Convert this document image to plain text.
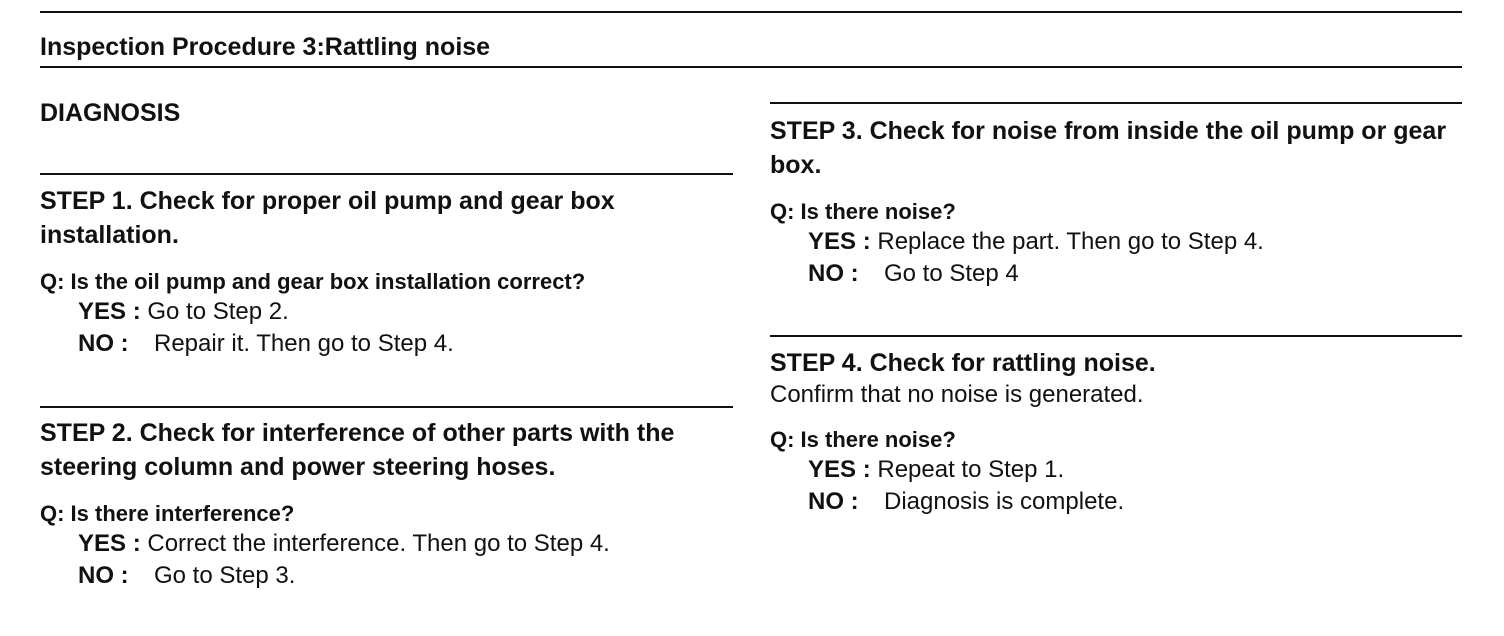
Inspection Procedure 3:Rattling noise
DIAGNOSIS
STEP 1. Check for proper oil pump and gear box installation.
Q: Is the oil pump and gear box installation correct?
YES : Go to Step 2.
NO : Repair it. Then go to Step 4.
STEP 2. Check for interference of other parts with the steering column and power steering hoses.
Q: Is there interference?
YES : Correct the interference. Then go to Step 4.
NO : Go to Step 3.
STEP 3. Check for noise from inside the oil pump or gear box.
Q: Is there noise?
YES : Replace the part. Then go to Step 4.
NO : Go to Step 4
STEP 4. Check for rattling noise.
Confirm that no noise is generated.
Q: Is there noise?
YES : Repeat to Step 1.
NO : Diagnosis is complete.
